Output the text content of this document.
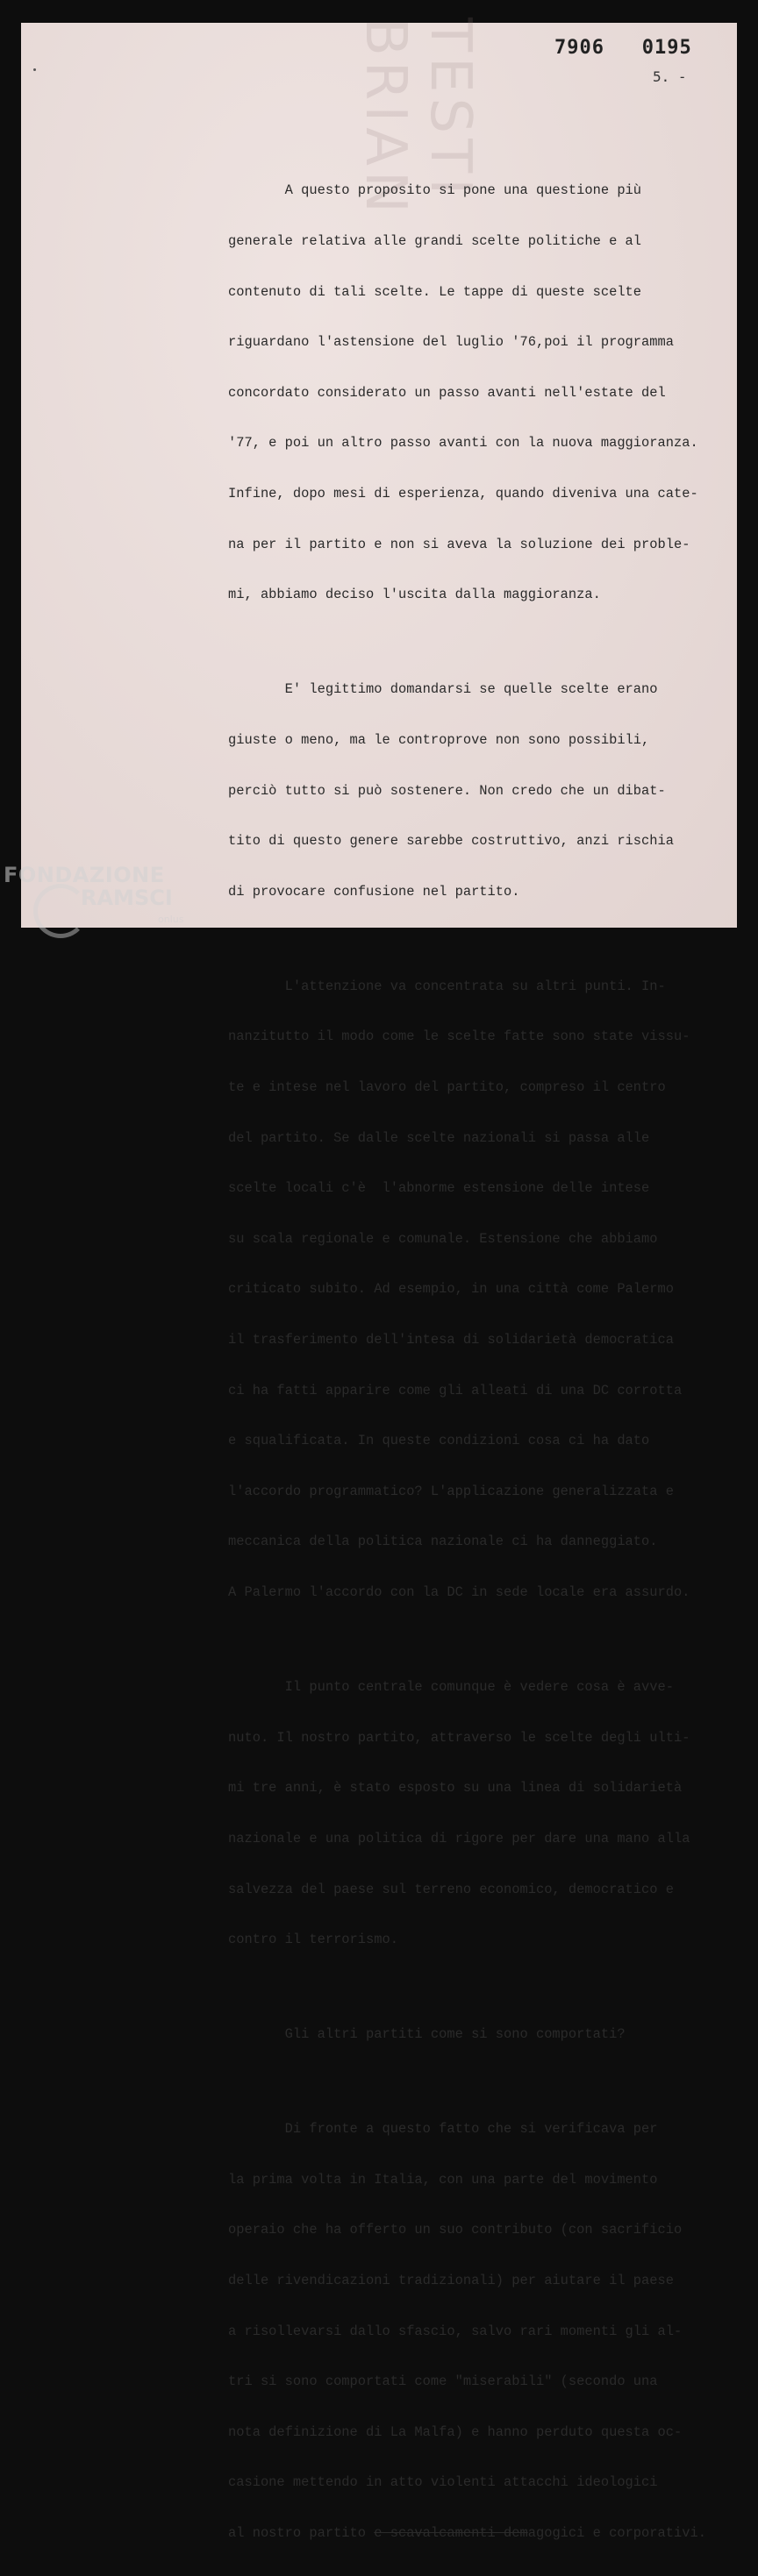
TESTI BRIAN	7906   0195
5. -

A questo proposito si pone una questione più

generale relativa alle grandi scelte politiche e al

contenuto di tali scelte. Le tappe di queste scelte

riguardano l'astensione del luglio '76,poi il programma

concordato considerato un passo avanti nell'estate del

'77, e poi un altro passo avanti con la nuova maggioranza.

Infine, dopo mesi di esperienza, quando diveniva una cate-

na per il partito e non si aveva la soluzione dei proble-

mi, abbiamo deciso l'uscita dalla maggioranza.

E' legittimo domandarsi se quelle scelte erano

giuste o meno, ma le controprove non sono possibili,

perciò tutto si può sostenere. Non credo che un dibat-

tito di questo genere sarebbe costruttivo, anzi rischia

di provocare confusione nel partito.

L'attenzione va concentrata su altri punti. In-

nanzitutto il modo come le scelte fatte sono state vissu-

te e intese nel lavoro del partito, compreso il centro

del partito. Se dalle scelte nazionali si passa alle

scelte locali c'è  l'abnorme estensione delle intese

su scala regionale e comunale. Estensione che abbiamo

criticato subito. Ad esempio, in una città come Palermo

il trasferimento dell'intesa di solidarietà democratica

ci ha fatti apparire come gli alleati di una DC corrotta

e squalificata. In queste condizioni cosa ci ha dato

l'accordo programmatico? L'applicazione generalizzata e

meccanica della politica nazionale ci ha danneggiato.

A Palermo l'accordo con la DC in sede locale era assurdo.

Il punto centrale comunque è vedere cosa è avve-

nuto. Il nostro partito, attraverso le scelte degli ulti-

mi tre anni, è stato esposto su una linea di solidarietà

nazionale e una politica di rigore per dare una mano alla

salvezza del paese sul terreno economico, democratico e

contro il terrorismo.

Gli altri partiti come si sono comportati?

Di fronte a questo fatto che si verificava per

la prima volta in Italia, con una parte del movimento

operaio che ha offerto un suo contributo (con sacrificio

delle rivendicazioni tradizionali) per aiutare il paese

a risollevarsi dallo sfascio, salvo rari momenti gli al-

tri si sono comportati come "miserabili" (secondo una

nota definizione di La Malfa) e hanno perduto questa oc-

casione mettendo in atto violenti attacchi ideologici

al nostro partito e scavalcamenti demagogici e corporativi.

FONDAZIONE
RAMSCI
onlus
